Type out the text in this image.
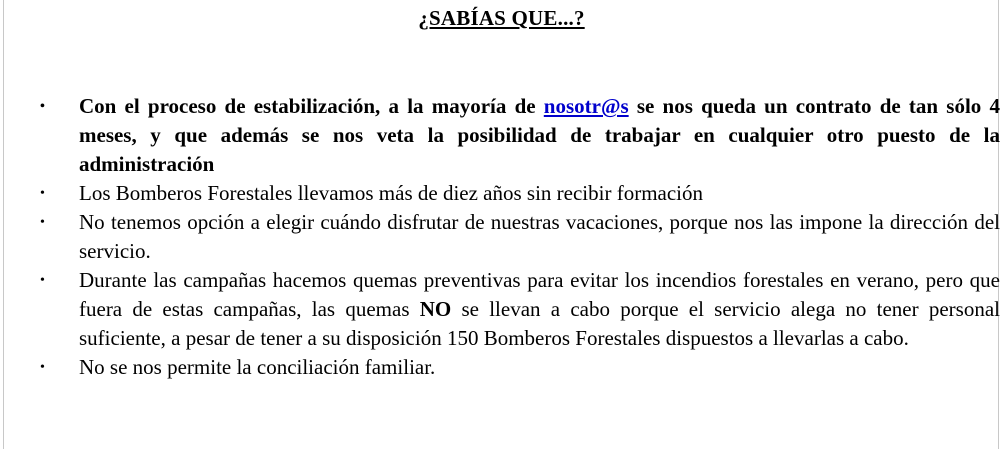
¿SABÍAS QUE...?
• Con el proceso de estabilización, a la mayoría de nosotr@s se nos queda un contrato de tan sólo 4 meses, y que además se nos veta la posibilidad de trabajar en cualquier otro puesto de la administración
• Los Bomberos Forestales llevamos más de diez años sin recibir formación
• No tenemos opción a elegir cuándo disfrutar de nuestras vacaciones, porque nos las impone la dirección del servicio.
• Durante las campañas hacemos quemas preventivas para evitar los incendios forestales en verano, pero que fuera de estas campañas, las quemas NO se llevan a cabo porque el servicio alega no tener personal suficiente, a pesar de tener a su disposición 150 Bomberos Forestales dispuestos a llevarlas a cabo.
• No se nos permite la conciliación familiar.
